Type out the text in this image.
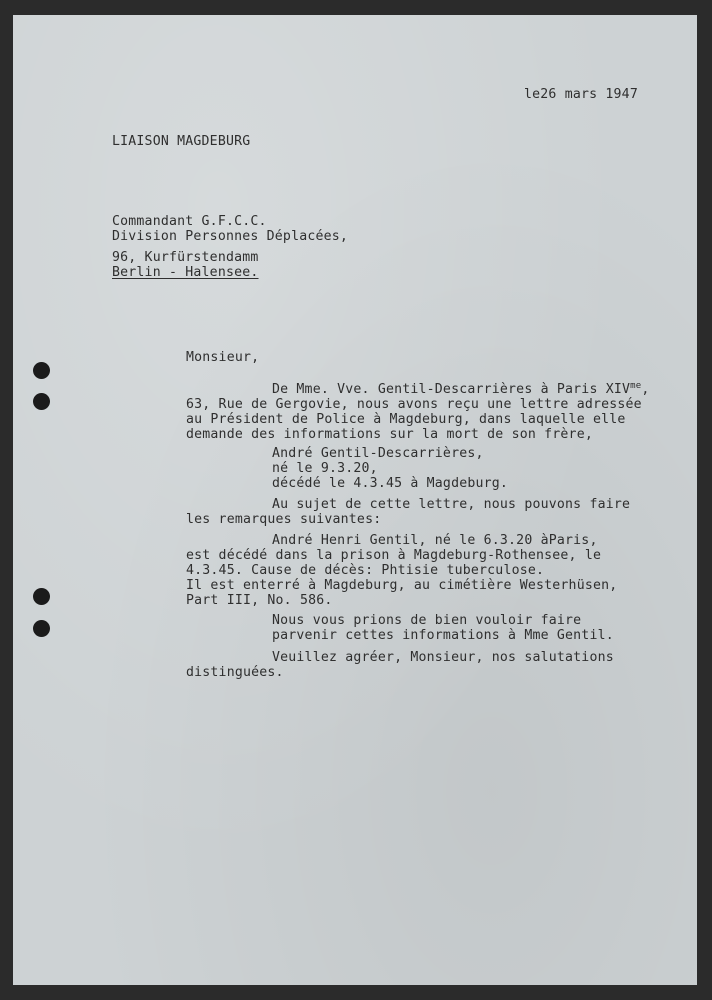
le26 mars 1947
LIAISON MAGDEBURG
Commandant G.F.C.C.
Division Personnes Déplacées,
96, Kurfürstendamm
Berlin - Halensee.
Monsieur,
De Mme. Vve. Gentil-Descarrières à Paris $XIV^{me}$,
63, Rue de Gergovie, nous avons reçu une lettre adressée
au Président de Police à Magdeburg, dans laquelle elle
demande des informations sur la mort de son frère,
André Gentil-Descarrières,
né le 9.3.20,
décédé le 4.3.45 à Magdeburg.
Au sujet de cette lettre, nous pouvons faire
les remarques suivantes:
André Henri Gentil, né le 6.3.20 àParis,
est décédé dans la prison à Magdeburg-Rothensee, le
4.3.45. Cause de décès: Phtisie tuberculose.
Il est enterré à Magdeburg, au cimétière Westerhüsen,
Part III, No. 586.
Nous vous prions de bien vouloir faire
parvenir cettes informations à Mme Gentil.
Veuillez agréer, Monsieur, nos salutations
distinguées.
